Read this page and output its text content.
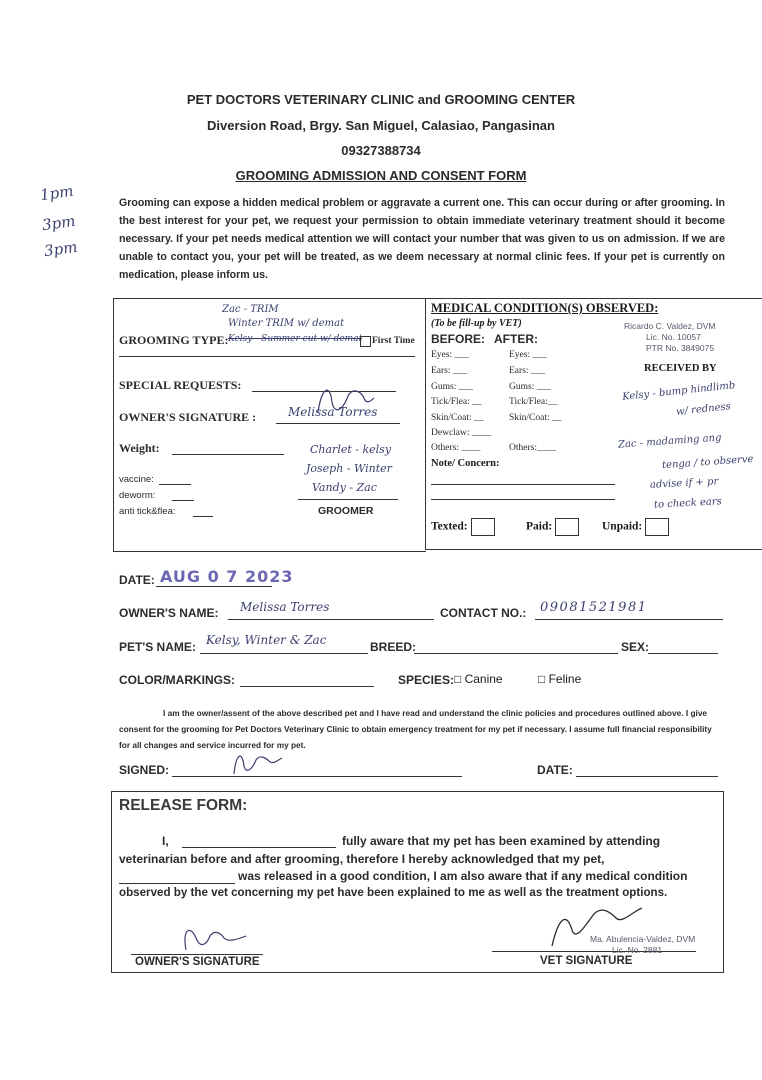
PET DOCTORS VETERINARY CLINIC and GROOMING CENTER
Diversion Road, Brgy. San Miguel, Calasiao, Pangasinan
09327388734
GROOMING ADMISSION AND CONSENT FORM
1pm
3pm
3pm
Grooming can expose a hidden medical problem or aggravate a current one. This can occur during or after grooming. In the best interest for your pet, we request your permission to obtain immediate veterinary treatment should it become necessary. If your pet needs medical attention we will contact your number that was given to us on admission. If we are unable to contact you, your pet will be treated, as we deem necessary at normal clinic fees. If your pet is currently on medication, please inform us.
Zac - TRIM
Winter TRIM w/ demat
GROOMING TYPE: Kelsy - Summer cut w/ demat First Time
SPECIAL REQUESTS:
OWNER'S SIGNATURE :	Melissa Torres
Weight:
vaccine:
deworm:
anti tick&flea:
Charlet - kelsy
Joseph - Winter
Vandy - Zac
GROOMER
MEDICAL CONDITION(S) OBSERVED:
(To be fill-up by VET)
BEFORE: AFTER:
Ricardo C. Valdez, DVM
Lic. No. 10057
PTR No. 3849075
RECEIVED BY
Eyes: ___	Eyes: ___
Ears: ___	Ears: ___
Gums: ___	Gums: ___
Tick/Flea: __	Tick/Flea:__
Skin/Coat: __	Skin/Coat: __
Dewclaw: ____
Others: ____	Others:____
Note/ Concern:
Kelsy - bump hindlimb
w/ redness
Zac - madaming ang
tenga / to observe
advise if + pr
to check ears
Texted:	Paid:	Unpaid:
DATE: AUG 0 7 2023
OWNER'S NAME: Melissa Torres	CONTACT NO.: 09081521981
PET'S NAME: Kelsy, Winter & Zac	BREED:	SEX:
COLOR/MARKINGS:	SPECIES: □ Canine	□ Feline
I am the owner/assent of the above described pet and I have read and understand the clinic policies and procedures outlined above. I give consent for the grooming for Pet Doctors Veterinary Clinic to obtain emergency treatment for my pet if necessary. I assume full financial responsibility for all changes and service incurred for my pet.
SIGNED:	DATE:
RELEASE FORM:
I,	fully aware that my pet has been examined by attending
veterinarian before and after grooming, therefore I hereby acknowledged that my pet,
was released in a good condition, I am also aware that if any medical condition
observed by the vet concerning my pet have been explained to me as well as the treatment options.
OWNER'S SIGNATURE
Ma. Abulencia-Valdez, DVM
Lic. No. 2881
VET SIGNATURE
